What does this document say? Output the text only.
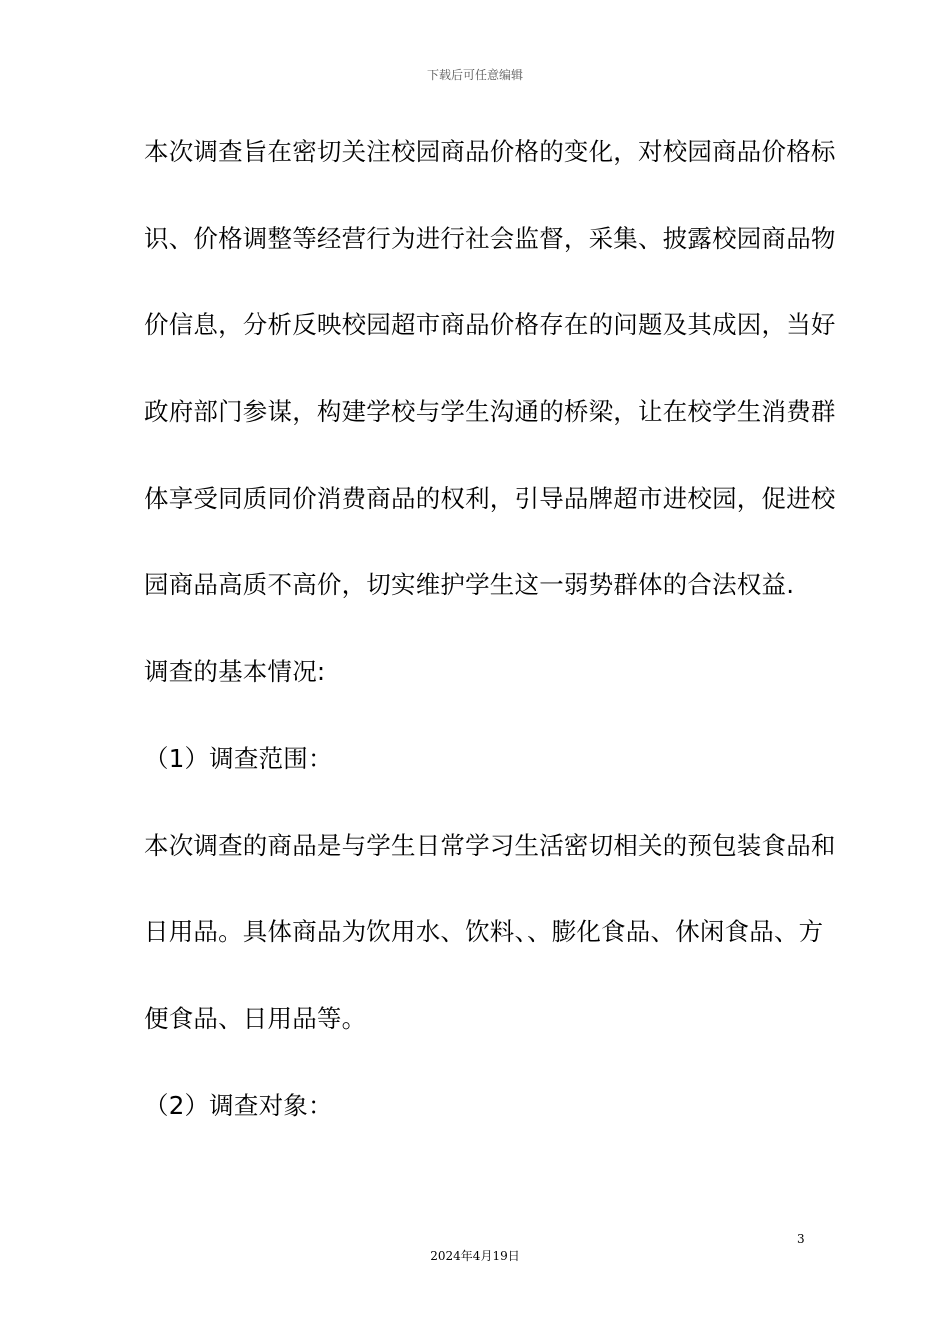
下载后可任意编辑
本次调查旨在密切关注校园商品价格的变化，对校园商品价格标
识、价格调整等经营行为进行社会监督，采集、披露校园商品物
价信息，分析反映校园超市商品价格存在的问题及其成因，当好
政府部门参谋，构建学校与学生沟通的桥梁，让在校学生消费群
体享受同质同价消费商品的权利，引导品牌超市进校园，促进校
园商品高质不高价，切实维护学生这一弱势群体的合法权益.
调查的基本情况:
（1）调查范围：
本次调查的商品是与学生日常学习生活密切相关的预包装食品和
日用品。具体商品为饮用水、饮料、、膨化食品、休闲食品、方
便食品、日用品等。
（2）调查对象：
3
2024年4月19日
